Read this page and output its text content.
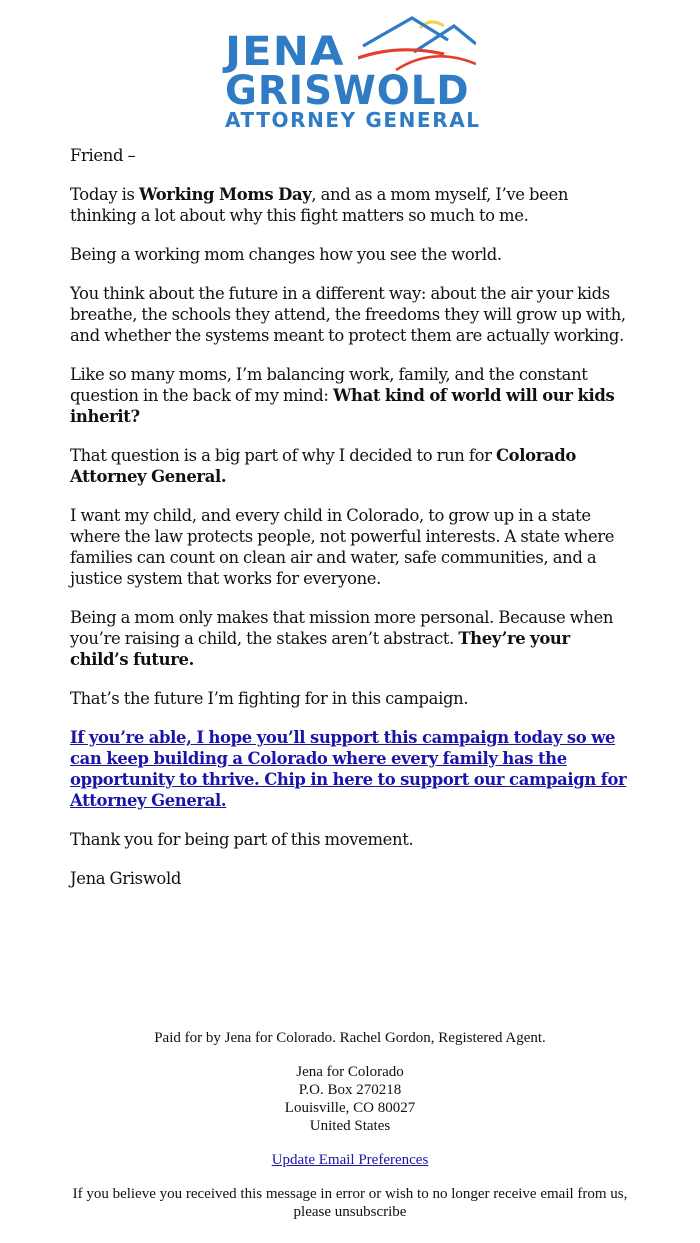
JENA
GRISWOLD
ATTORNEY GENERAL

Friend –

Today is Working Moms Day, and as a mom myself, I’ve been thinking a lot about why this fight matters so much to me.

Being a working mom changes how you see the world.

You think about the future in a different way: about the air your kids breathe, the schools they attend, the freedoms they will grow up with, and whether the systems meant to protect them are actually working.

Like so many moms, I’m balancing work, family, and the constant question in the back of my mind: What kind of world will our kids inherit?

That question is a big part of why I decided to run for Colorado Attorney General.

I want my child, and every child in Colorado, to grow up in a state where the law protects people, not powerful interests. A state where families can count on clean air and water, safe communities, and a justice system that works for everyone.

Being a mom only makes that mission more personal. Because when you’re raising a child, the stakes aren’t abstract. They’re your child’s future.

That’s the future I’m fighting for in this campaign.

If you’re able, I hope you’ll support this campaign today so we can keep building a Colorado where every family has the opportunity to thrive. Chip in here to support our campaign for Attorney General.

Thank you for being part of this movement.

Jena Griswold

Paid for by Jena for Colorado. Rachel Gordon, Registered Agent.

Jena for Colorado
P.O. Box 270218
Louisville, CO 80027
United States

Update Email Preferences

If you believe you received this message in error or wish to no longer receive email from us, please unsubscribe
